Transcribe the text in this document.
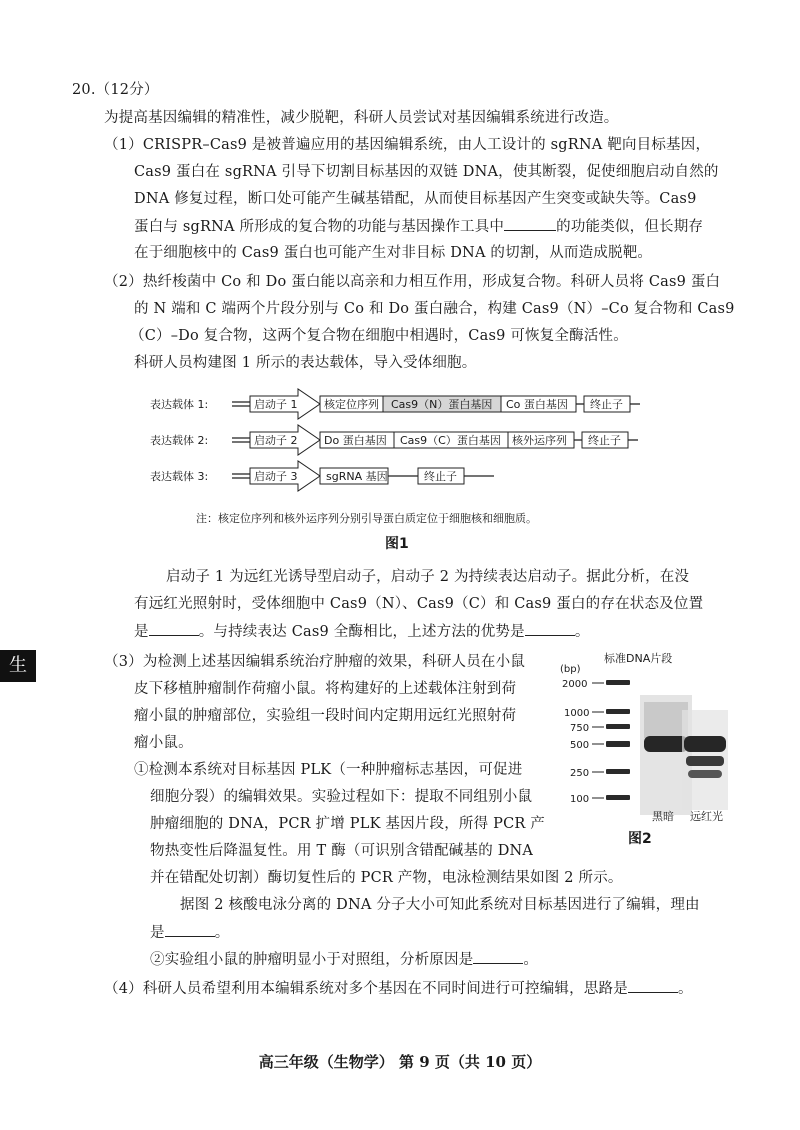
生
20.（12分）
为提高基因编辑的精准性，减少脱靶，科研人员尝试对基因编辑系统进行改造。
（1）CRISPR–Cas9 是被普遍应用的基因编辑系统，由人工设计的 sgRNA 靶向目标基因，
Cas9 蛋白在 sgRNA 引导下切割目标基因的双链 DNA，使其断裂，促使细胞启动自然的
DNA 修复过程，断口处可能产生碱基错配，从而使目标基因产生突变或缺失等。Cas9
蛋白与 sgRNA 所形成的复合物的功能与基因操作工具中	的功能类似，但长期存
在于细胞核中的 Cas9 蛋白也可能产生对非目标 DNA 的切割，从而造成脱靶。
（2）热纤梭菌中 Co 和 Do 蛋白能以高亲和力相互作用，形成复合物。科研人员将 Cas9 蛋白
的 N 端和 C 端两个片段分别与 Co 和 Do 蛋白融合，构建 Cas9（N）–Co 复合物和 Cas9
（C）–Do 复合物，这两个复合物在细胞中相遇时，Cas9 可恢复全酶活性。
科研人员构建图 1 所示的表达载体，导入受体细胞。
表达载体 1:	启动子 1 核定位序列 Cas9（N）蛋白基因 Co 蛋白基因 终止子
表达载体 2:	启动子 2 Do 蛋白基因 Cas9（C）蛋白基因 核外运序列 终止子
表达载体 3:	启动子 3	sgRNA 基因	终止子
注：核定位序列和核外运序列分别引导蛋白质定位于细胞核和细胞质。
图1
启动子 1 为远红光诱导型启动子，启动子 2 为持续表达启动子。据此分析，在没
有远红光照射时，受体细胞中 Cas9（N）、Cas9（C）和 Cas9 蛋白的存在状态及位置
是	。与持续表达 Cas9 全酶相比，上述方法的优势是	。
（3）为检测上述基因编辑系统治疗肿瘤的效果，科研人员在小鼠
皮下移植肿瘤制作荷瘤小鼠。将构建好的上述载体注射到荷
瘤小鼠的肿瘤部位，实验组一段时间内定期用远红光照射荷
瘤小鼠。
①检测本系统对目标基因 PLK（一种肿瘤标志基因，可促进
细胞分裂）的编辑效果。实验过程如下：提取不同组别小鼠
肿瘤细胞的 DNA，PCR 扩增 PLK 基因片段，所得 PCR 产
物热变性后降温复性。用 T 酶（可识别含错配碱基的 DNA
并在错配处切割）酶切复性后的 PCR 产物，电泳检测结果如图 2 所示。
据图 2 核酸电泳分离的 DNA 分子大小可知此系统对目标基因进行了编辑，理由
是	。
②实验组小鼠的肿瘤明显小于对照组，分析原因是	。
标准DNA片段
(bp)
2000
1000
750
500
250
100
黑暗 远红光
图2
（4）科研人员希望利用本编辑系统对多个基因在不同时间进行可控编辑，思路是	。
高三年级（生物学） 第 9 页（共 10 页）
